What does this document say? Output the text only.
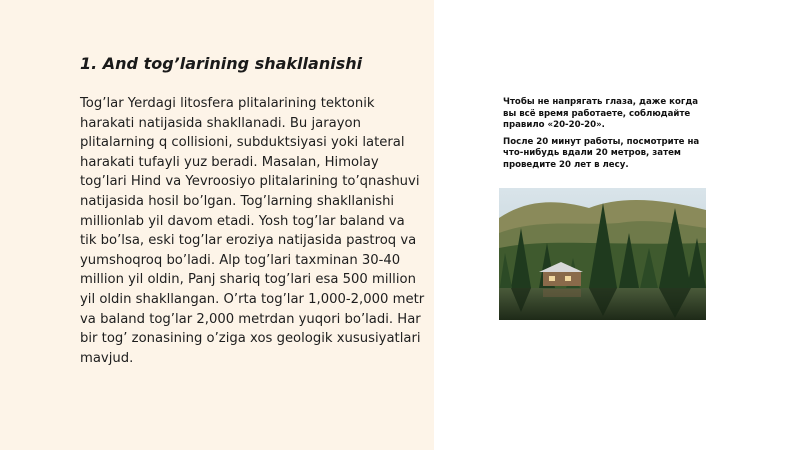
1. And tog’larining shakllanishi

Tog’lar Yerdagi litosfera plitalarining tektonik harakati natijasida shakllanadi. Bu jarayon plitalarning q collisioni, subduktsiyasi yoki lateral harakati tufayli yuz beradi. Masalan, Himolay tog’lari Hind va Yevroosiyo plitalarining to’qnashuvi natijasida hosil bo’lgan. Tog’larning shakllanishi millionlab yil davom etadi. Yosh tog’lar baland va tik bo’lsa, eski tog’lar eroziya natijasida pastroq va yumshoqroq bo’ladi. Alp tog’lari taxminan 30-40 million yil oldin, Panj shariq tog’lari esa 500 million yil oldin shakllangan. O’rta tog’lar 1,000-2,000 metr va baland tog’lar 2,000 metrdan yuqori bo’ladi. Har bir tog’ zonasining o’ziga xos geologik xususiyatlari mavjud.

Чтобы не напрягать глаза, даже когда вы всё время работаете, соблюдайте правило «20-20-20».

После 20 минут работы, посмотрите на что-нибудь вдали 20 метров, затем проведите 20 лет в лесу.
